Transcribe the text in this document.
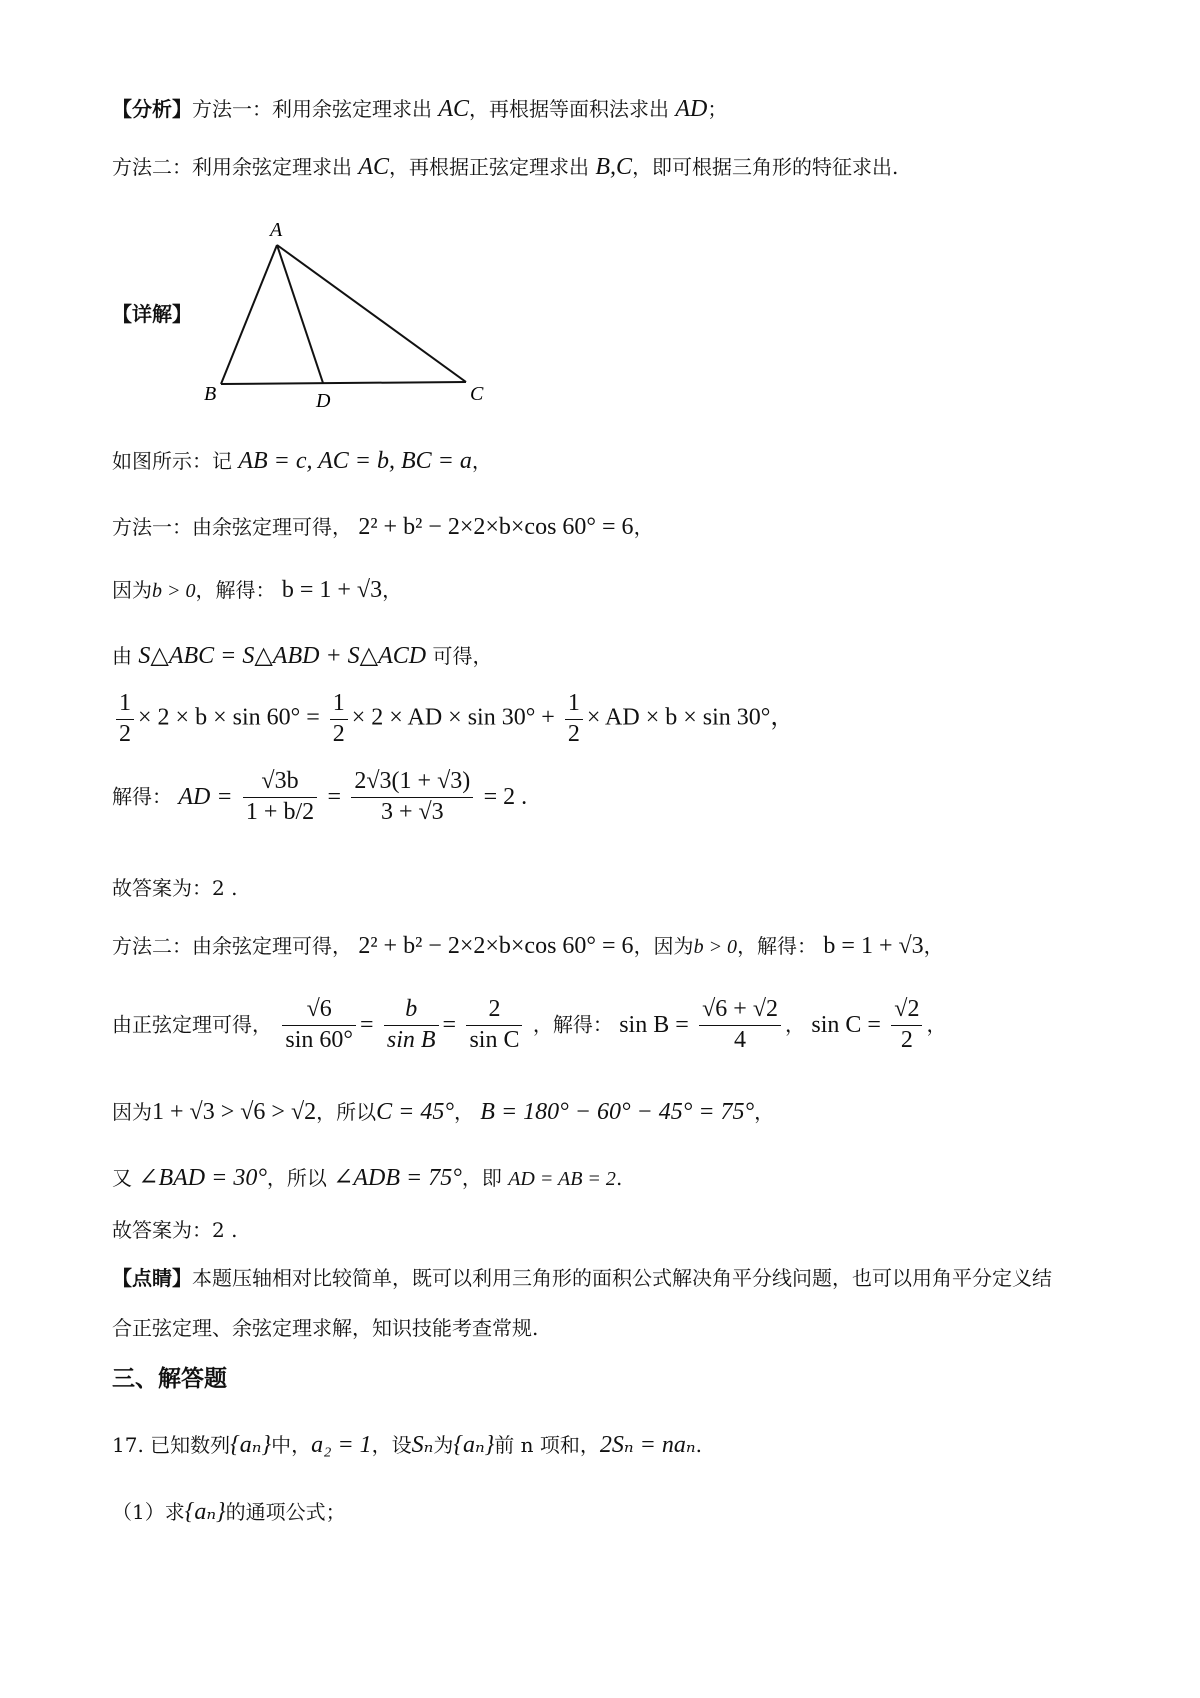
【分析】方法一：利用余弦定理求出 AC，再根据等面积法求出 AD；
方法二：利用余弦定理求出 AC，再根据正弦定理求出 B,C，即可根据三角形的特征求出.
【详解】
A
B	D	C
如图所示：记 AB = c, AC = b, BC = a，
方法一：由余弦定理可得， 2² + b² − 2×2×b×cos 60° = 6，
因为b > 0，解得： b = 1 + √3，
由 S△ABC = S△ABD + S△ACD 可得，
$\frac{1}{2} \times 2 \times b \times \sin 60^\circ = \frac{1}{2} \times 2$ × AD × $\sin 30^\circ + \frac{1}{2}$ × AD × b × sin 30°，
解得： AD = $\frac{√3b}{1 + b/2} = \frac{2√3(1 + √3)}{3 + √3} = 2$ .
故答案为：2 .
方法二：由余弦定理可得， 2² + b² − 2×2×b×cos 60° = 6，因为b > 0，解得： b = 1 + √3，
由正弦定理可得， $\frac{√6}{\sin 60^\circ} = \frac{b}{\text{sin B}} = \frac{2}{\text{sin C}}$ ，解得： $\sin B = \frac{√6 + √2}{4}$ ， $\sin C = \frac{√2}{2}$ ，
因为1 + √3 > √6 > √2，所以C = 45°， B = 180° − 60° − 45° = 75°，
又 ∠BAD = 30°，所以 ∠ADB = 75°，即 AD = AB = 2.
故答案为：2 .
【点睛】本题压轴相对比较简单，既可以利用三角形的面积公式解决角平分线问题，也可以用角平分定义结
合正弦定理、余弦定理求解，知识技能考查常规.
三、解答题
17. 已知数列{aₙ}中，a₂ = 1，设Sₙ为{aₙ}前 n 项和，2Sₙ = naₙ.
（1）求{aₙ}的通项公式；
